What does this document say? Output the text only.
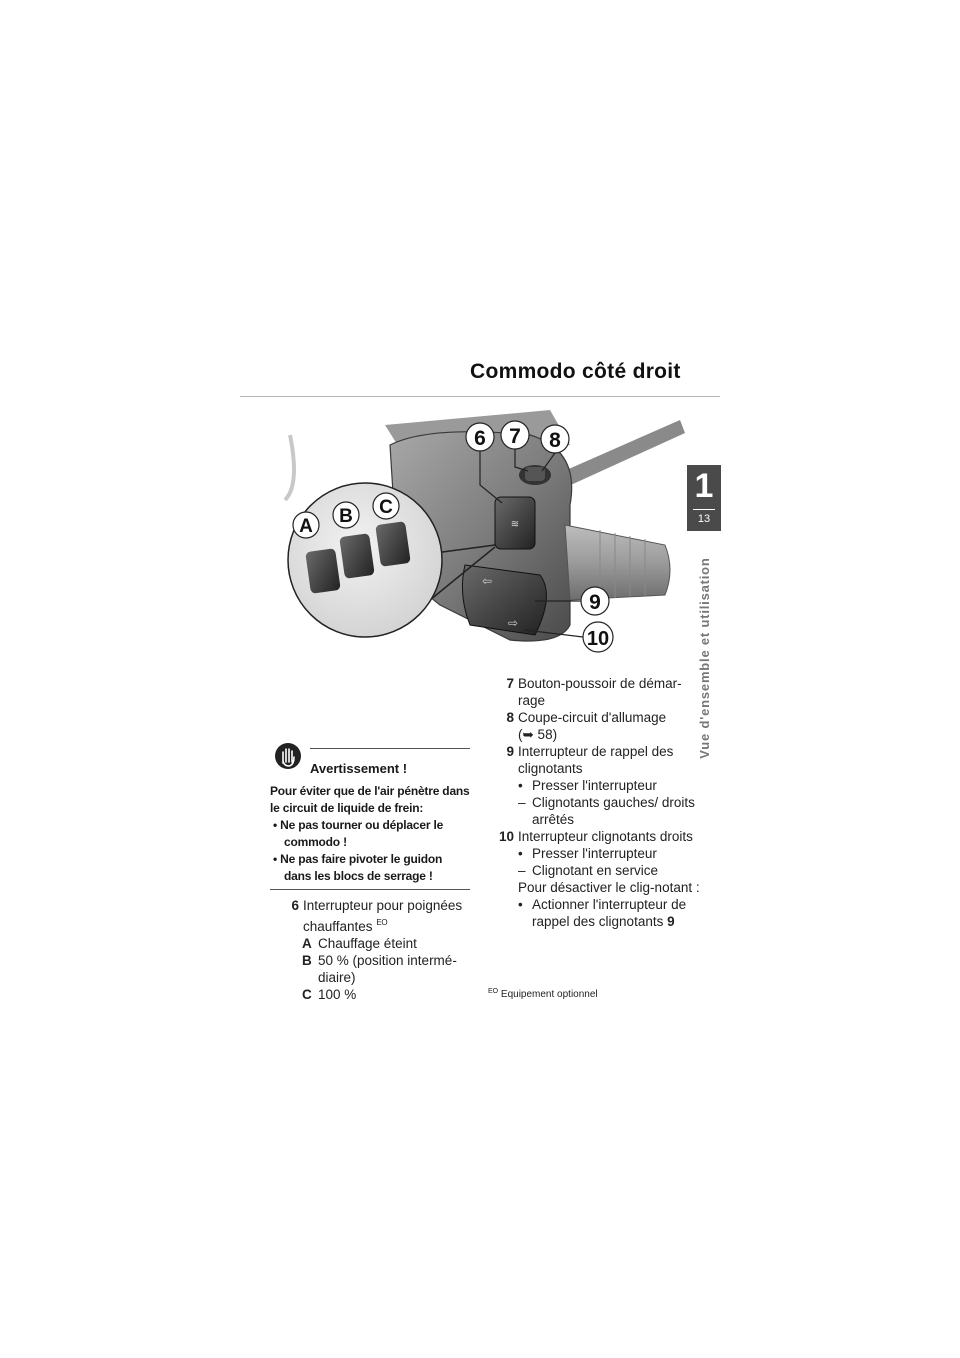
Commodo côté droit
1
13
Vue d'ensemble et utilisation
≋
⇦
⇨
6 7 8
9
10
A B C
Avertissement !
Pour éviter que de l'air pénètre dans le circuit de liquide de frein:
• Ne pas tourner ou déplacer le commodo !
• Ne pas faire pivoter le guidon dans les blocs de serrage !
6 Interrupteur pour poignées chauffantes $^{EO}$
A Chauffage éteint
B 50 % (position intermé-diaire)
C 100 %
7 Bouton-poussoir de démar-rage
8 Coupe-circuit d'allumage
(➥ 58)
9 Interrupteur de rappel des clignotants
• Presser l'interrupteur
– Clignotants gauches/ droits arrêtés
10 Interrupteur clignotants droits
• Presser l'interrupteur
– Clignotant en service
Pour désactiver le clig-notant :
• Actionner l'interrupteur de rappel des clignotants 9
$^{EO}$ Equipement optionnel
